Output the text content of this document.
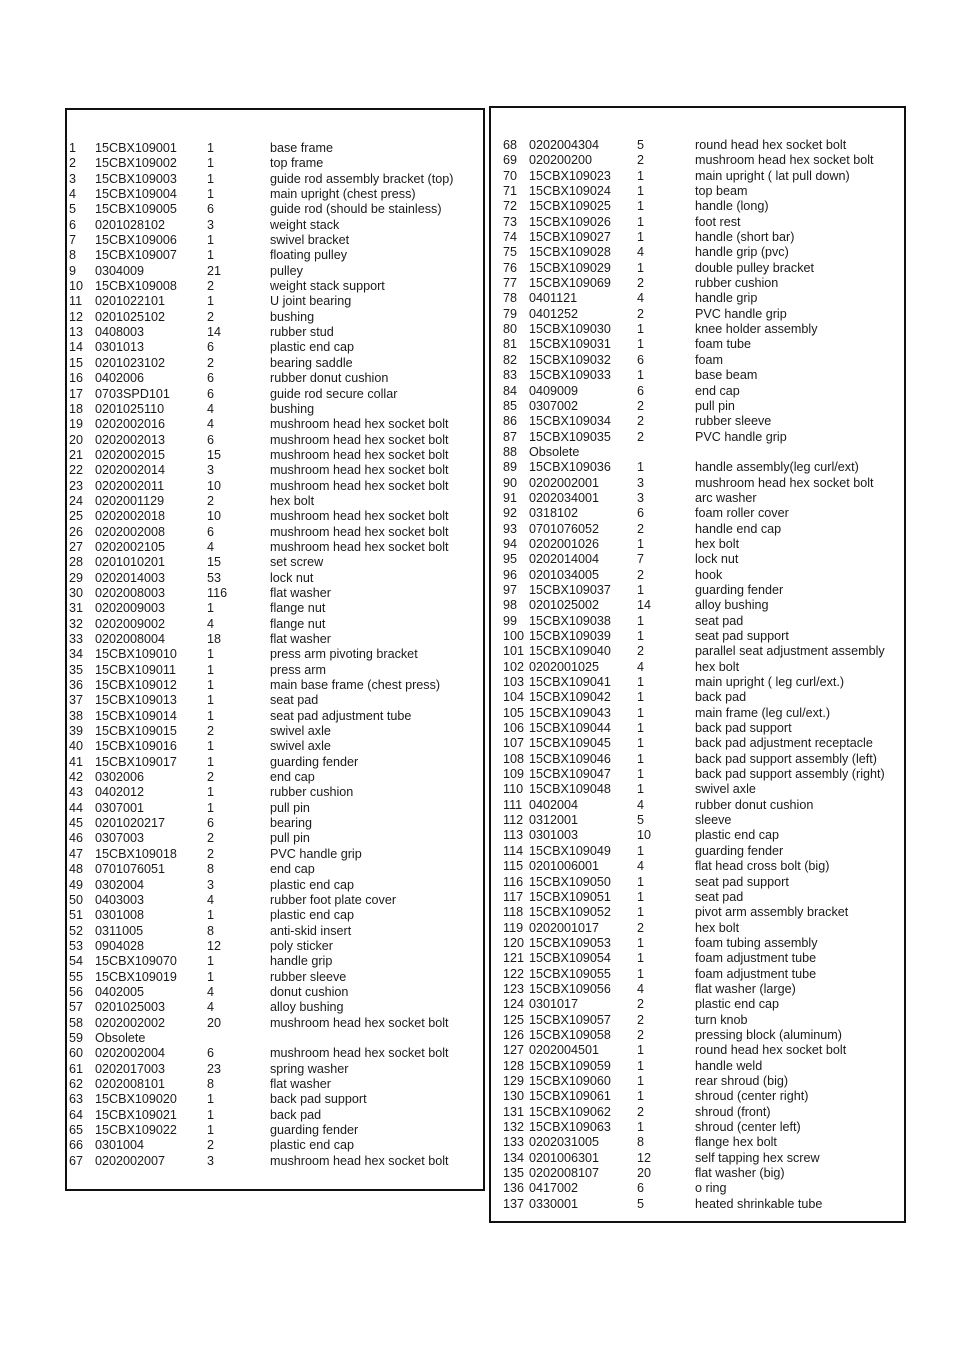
1 15CBX109001 1	base frame
2 15CBX109002 1	top frame
3 15CBX109003 1	guide rod assembly bracket (top)
4 15CBX109004 1	main upright (chest press)
5 15CBX109005 6	guide rod (should be stainless)
6 0201028102	3	weight stack
7 15CBX109006 1	swivel bracket
8 15CBX109007 1	floating pulley
9 0304009	21	pulley
10 15CBX109008 2	weight stack support
11 0201022101	1	U joint bearing
12 0201025102	2	bushing
13 0408003	14	rubber stud
14 0301013	6	plastic end cap
15 0201023102	2	bearing saddle
16 0402006	6	rubber donut cushion
17 0703SPD101	6	guide rod secure collar
18 0201025110	4	bushing
19 0202002016	4	mushroom head hex socket bolt
20 0202002013	6	mushroom head hex socket bolt
21 0202002015	15	mushroom head hex socket bolt
22 0202002014	3	mushroom head hex socket bolt
23 0202002011	10	mushroom head hex socket bolt
24 0202001129	2	hex bolt
25 0202002018	10	mushroom head hex socket bolt
26 0202002008	6	mushroom head hex socket bolt
27 0202002105	4	mushroom head hex socket bolt
28 0201010201	15	set screw
29 0202014003	53	lock nut
30 0202008003	116	flat washer
31 0202009003	1	flange nut
32 0202009002	4	flange nut
33 0202008004	18	flat washer
34 15CBX109010 1	press arm pivoting bracket
35 15CBX109011 1	press arm
36 15CBX109012 1	main base frame (chest press)
37 15CBX109013 1	seat pad
38 15CBX109014 1	seat pad adjustment tube
39 15CBX109015 2	swivel axle
40 15CBX109016 1	swivel axle
41 15CBX109017 1	guarding fender
42 0302006	2	end cap
43 0402012	1	rubber cushion
44 0307001	1	pull pin
45 0201020217	6	bearing
46 0307003	2	pull pin
47 15CBX109018 2	PVC handle grip
48 0701076051	8	end cap
49 0302004	3	plastic end cap
50 0403003	4	rubber foot plate cover
51 0301008	1	plastic end cap
52 0311005	8	anti-skid insert
53 0904028	12	poly sticker
54 15CBX109070 1	handle grip
55 15CBX109019 1	rubber sleeve
56 0402005	4	donut cushion
57 0201025003	4	alloy bushing
58 0202002002	20	mushroom head hex socket bolt
59 Obsolete
60 0202002004	6	mushroom head hex socket bolt
61 0202017003	23	spring washer
62 0202008101	8	flat washer
63 15CBX109020 1	back pad support
64 15CBX109021 1	back pad
65 15CBX109022 1	guarding fender
66 0301004	2	plastic end cap
67 0202002007	3	mushroom head hex socket bolt
68 0202004304	5	round head hex socket bolt
69 020200200	2	mushroom head hex socket bolt
70 15CBX109023 1	main upright ( lat pull down)
71 15CBX109024 1	top beam
72 15CBX109025 1	handle (long)
73 15CBX109026 1	foot rest
74 15CBX109027 1	handle (short bar)
75 15CBX109028 4	handle grip (pvc)
76 15CBX109029 1	double pulley bracket
77 15CBX109069 2	rubber cushion
78 0401121	4	handle grip
79 0401252	2	PVC handle grip
80 15CBX109030 1	knee holder assembly
81 15CBX109031 1	foam tube
82 15CBX109032 6	foam
83 15CBX109033 1	base beam
84 0409009	6	end cap
85 0307002	2	pull pin
86 15CBX109034 2	rubber sleeve
87 15CBX109035 2	PVC handle grip
88 Obsolete
89 15CBX109036 1	handle assembly(leg curl/ext)
90 0202002001	3	mushroom head hex socket bolt
91 0202034001	3	arc washer
92 0318102	6	foam roller cover
93 0701076052	2	handle end cap
94 0202001026	1	hex bolt
95 0202014004	7	lock nut
96 0201034005	2	hook
97 15CBX109037 1	guarding fender
98 0201025002	14	alloy bushing
99 15CBX109038 1	seat pad
100 15CBX109039 1	seat pad support
101 15CBX109040 2	parallel seat adjustment assembly
102 0202001025	4	hex bolt
103 15CBX109041 1	main upright ( leg curl/ext.)
104 15CBX109042 1	back pad
105 15CBX109043 1	main frame (leg cul/ext.)
106 15CBX109044 1	back pad support
107 15CBX109045 1	back pad adjustment receptacle
108 15CBX109046 1	back pad support assembly (left)
109 15CBX109047 1	back pad support assembly (right)
110 15CBX109048 1	swivel axle
111 0402004	4	rubber donut cushion
112 0312001	5	sleeve
113 0301003	10	plastic end cap
114 15CBX109049 1	guarding fender
115 0201006001	4	flat head cross bolt (big)
116 15CBX109050 1	seat pad support
117 15CBX109051 1	seat pad
118 15CBX109052 1	pivot arm assembly bracket
119 0202001017	2	hex bolt
120 15CBX109053 1	foam tubing assembly
121 15CBX109054 1	foam adjustment tube
122 15CBX109055 1	foam adjustment tube
123 15CBX109056 4	flat washer (large)
124 0301017	2	plastic end cap
125 15CBX109057 2	turn knob
126 15CBX109058 2	pressing block (aluminum)
127 0202004501	1	round head hex socket bolt
128 15CBX109059 1	handle weld
129 15CBX109060 1	rear shroud (big)
130 15CBX109061 1	shroud (center right)
131 15CBX109062 2	shroud (front)
132 15CBX109063 1	shroud (center left)
133 0202031005	8	flange hex bolt
134 0201006301	12	self tapping hex screw
135 0202008107	20	flat washer (big)
136 0417002	6	o ring
137 0330001	5	heated shrinkable tube
